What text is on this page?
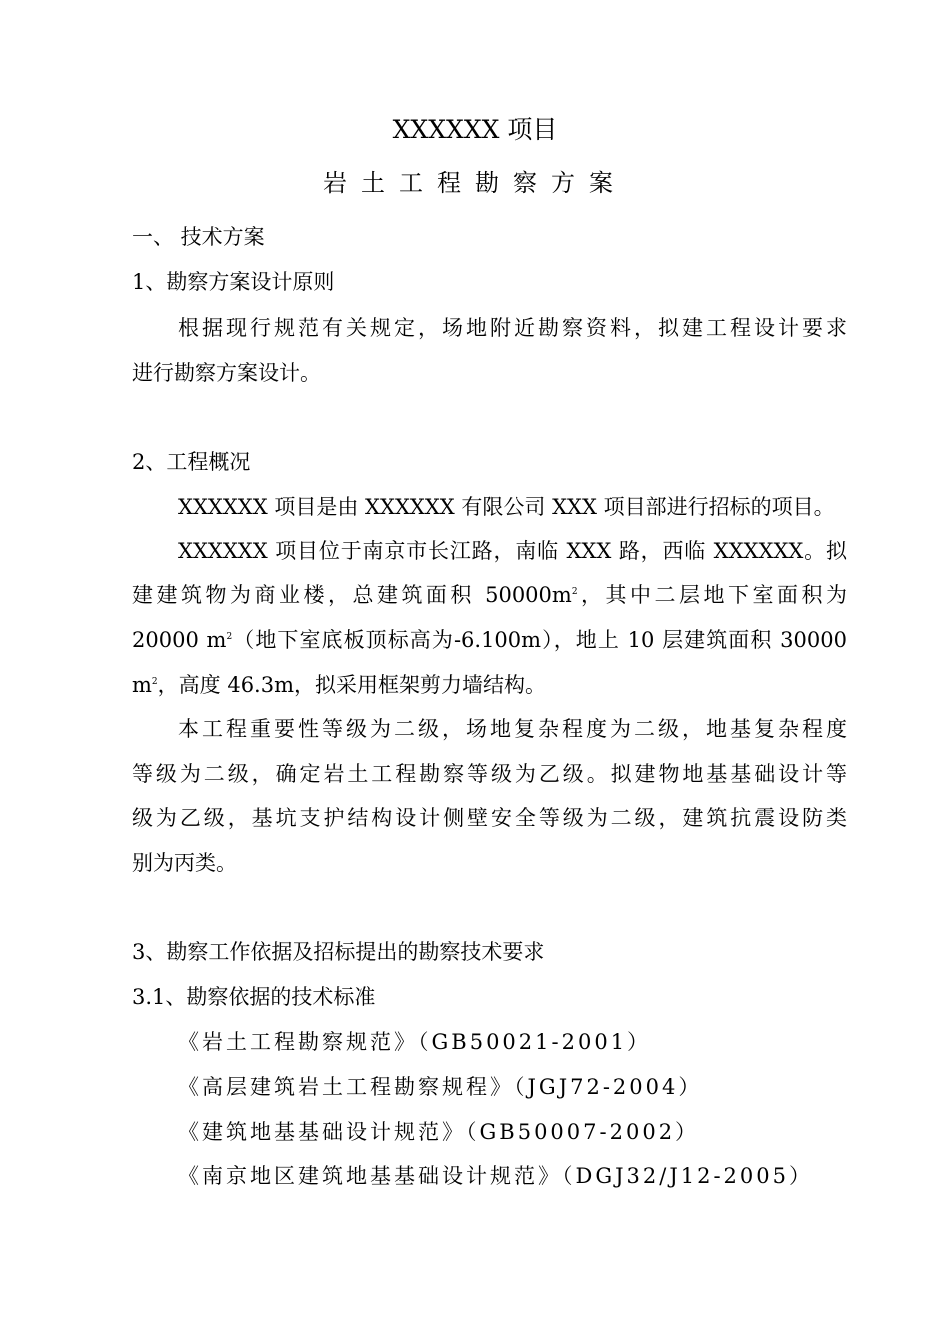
XXXXXX 项目
岩土工程勘察方案
一、 技术方案
1、勘察方案设计原则
根据现行规范有关规定，场地附近勘察资料，拟建工程设计要求
进行勘察方案设计。
2、工程概况
XXXXXX 项目是由 XXXXXX 有限公司 XXX 项目部进行招标的项目。
XXXXXX 项目位于南京市长江路，南临 XXX 路，西临 XXXXXX。拟
建建筑物为商业楼，总建筑面积 $50000m^2$，其中二层地下室面积为
20000 $m^2$（地下室底板顶标高为-6.100m），地上 10 层建筑面积 30000
$m^2$，高度 46.3m，拟采用框架剪力墙结构。
本工程重要性等级为二级，场地复杂程度为二级，地基复杂程度
等级为二级，确定岩土工程勘察等级为乙级。拟建物地基基础设计等
级为乙级，基坑支护结构设计侧壁安全等级为二级，建筑抗震设防类
别为丙类。
3、勘察工作依据及招标提出的勘察技术要求
3.1、勘察依据的技术标准
《岩土工程勘察规范》（GB50021-2001）
《高层建筑岩土工程勘察规程》（JGJ72-2004）
《建筑地基基础设计规范》（GB50007-2002）
《南京地区建筑地基基础设计规范》（DGJ32/J12-2005）
